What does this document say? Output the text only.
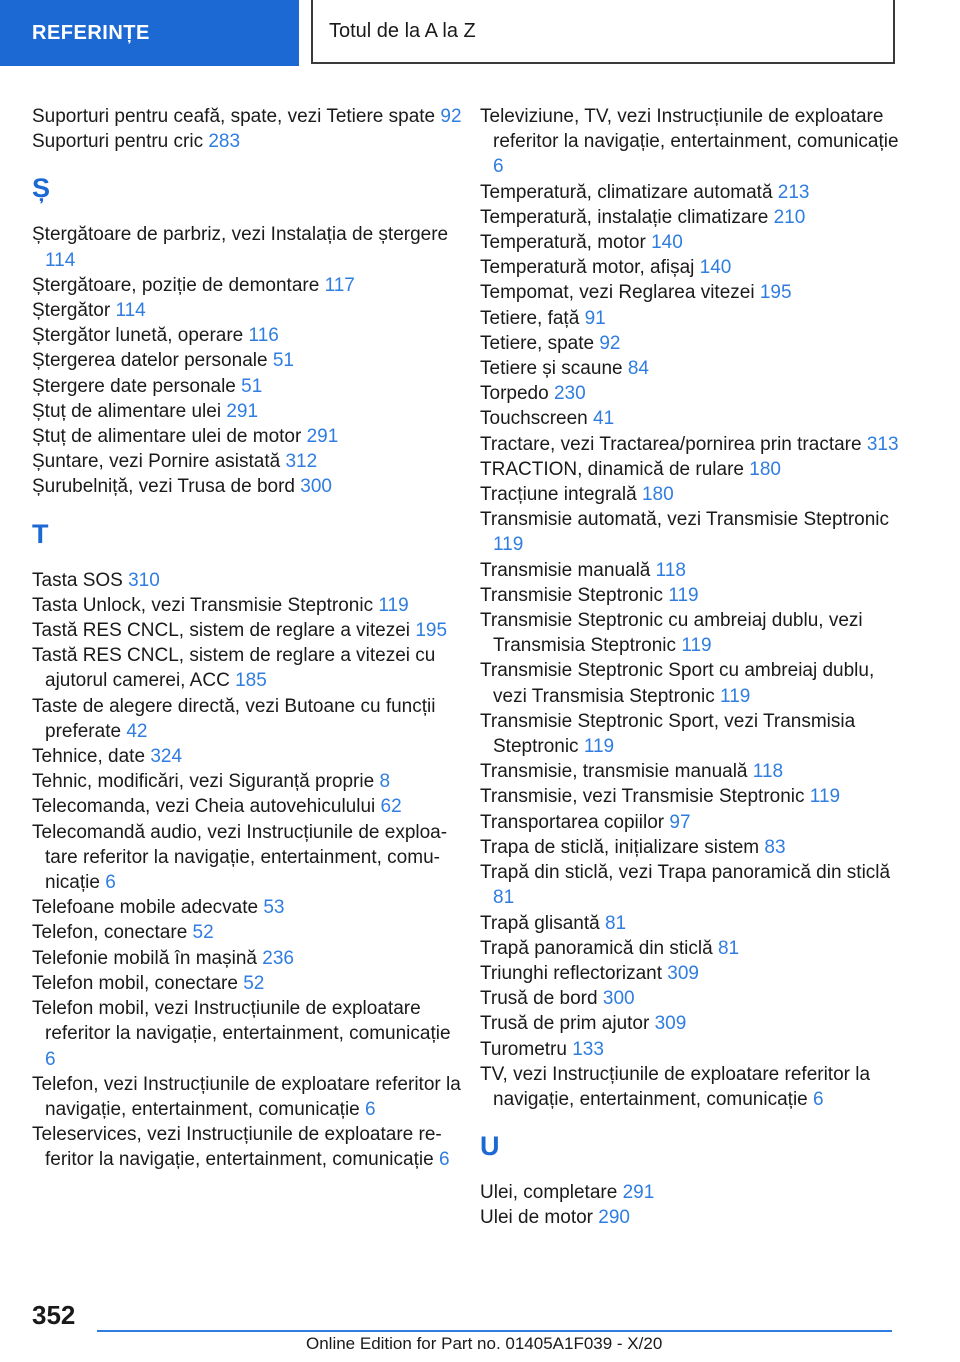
REFERINȚE	Totul de la A la Z
Suporturi pentru ceafă, spate, vezi Tetiere spate 92
Suporturi pentru cric 283
Ș
Ștergătoare de parbriz, vezi Instalația de ștergere 114
Ștergătoare, poziție de demontare 117
Ștergător 114
Ștergător lunetă, operare 116
Ștergerea datelor personale 51
Ștergere date personale 51
Ștuț de alimentare ulei 291
Ștuț de alimentare ulei de motor 291
Șuntare, vezi Pornire asistată 312
Șurubelniță, vezi Trusa de bord 300
T
Tasta SOS 310
Tasta Unlock, vezi Transmisie Steptronic 119
Tastă RES CNCL, sistem de reglare a vitezei 195
Tastă RES CNCL, sistem de reglare a vitezei cu ajutorul camerei, ACC 185
Taste de alegere directă, vezi Butoane cu funcții preferate 42
Tehnice, date 324
Tehnic, modificări, vezi Siguranță proprie 8
Telecomanda, vezi Cheia autovehiculului 62
Telecomandă audio, vezi Instrucțiunile de exploatare referitor la navigație, entertainment, comunicație 6
Telefoane mobile adecvate 53
Telefon, conectare 52
Telefonie mobilă în mașină 236
Telefon mobil, conectare 52
Telefon mobil, vezi Instrucțiunile de exploatare referitor la navigație, entertainment, comunicație 6
Telefon, vezi Instrucțiunile de exploatare referitor la navigație, entertainment, comunicație 6
Teleservices, vezi Instrucțiunile de exploatare referitor la navigație, entertainment, comunicație 6
Televiziune, TV, vezi Instrucțiunile de exploatare referitor la navigație, entertainment, comunicație 6
Temperatură, climatizare automată 213
Temperatură, instalație climatizare 210
Temperatură, motor 140
Temperatură motor, afișaj 140
Tempomat, vezi Reglarea vitezei 195
Tetiere, față 91
Tetiere, spate 92
Tetiere și scaune 84
Torpedo 230
Touchscreen 41
Tractare, vezi Tractarea/pornirea prin tractare 313
TRACTION, dinamică de rulare 180
Tracțiune integrală 180
Transmisie automată, vezi Transmisie Steptronic 119
Transmisie manuală 118
Transmisie Steptronic 119
Transmisie Steptronic cu ambreiaj dublu, vezi Transmisia Steptronic 119
Transmisie Steptronic Sport cu ambreiaj dublu, vezi Transmisia Steptronic 119
Transmisie Steptronic Sport, vezi Transmisia Steptronic 119
Transmisie, transmisie manuală 118
Transmisie, vezi Transmisie Steptronic 119
Transportarea copiilor 97
Trapa de sticlă, inițializare sistem 83
Trapă din sticlă, vezi Trapa panoramică din sticlă 81
Trapă glisantă 81
Trapă panoramică din sticlă 81
Triunghi reflectorizant 309
Trusă de bord 300
Trusă de prim ajutor 309
Turometru 133
TV, vezi Instrucțiunile de exploatare referitor la navigație, entertainment, comunicație 6
U
Ulei, completare 291
Ulei de motor 290
352
Online Edition for Part no. 01405A1F039 - X/20
